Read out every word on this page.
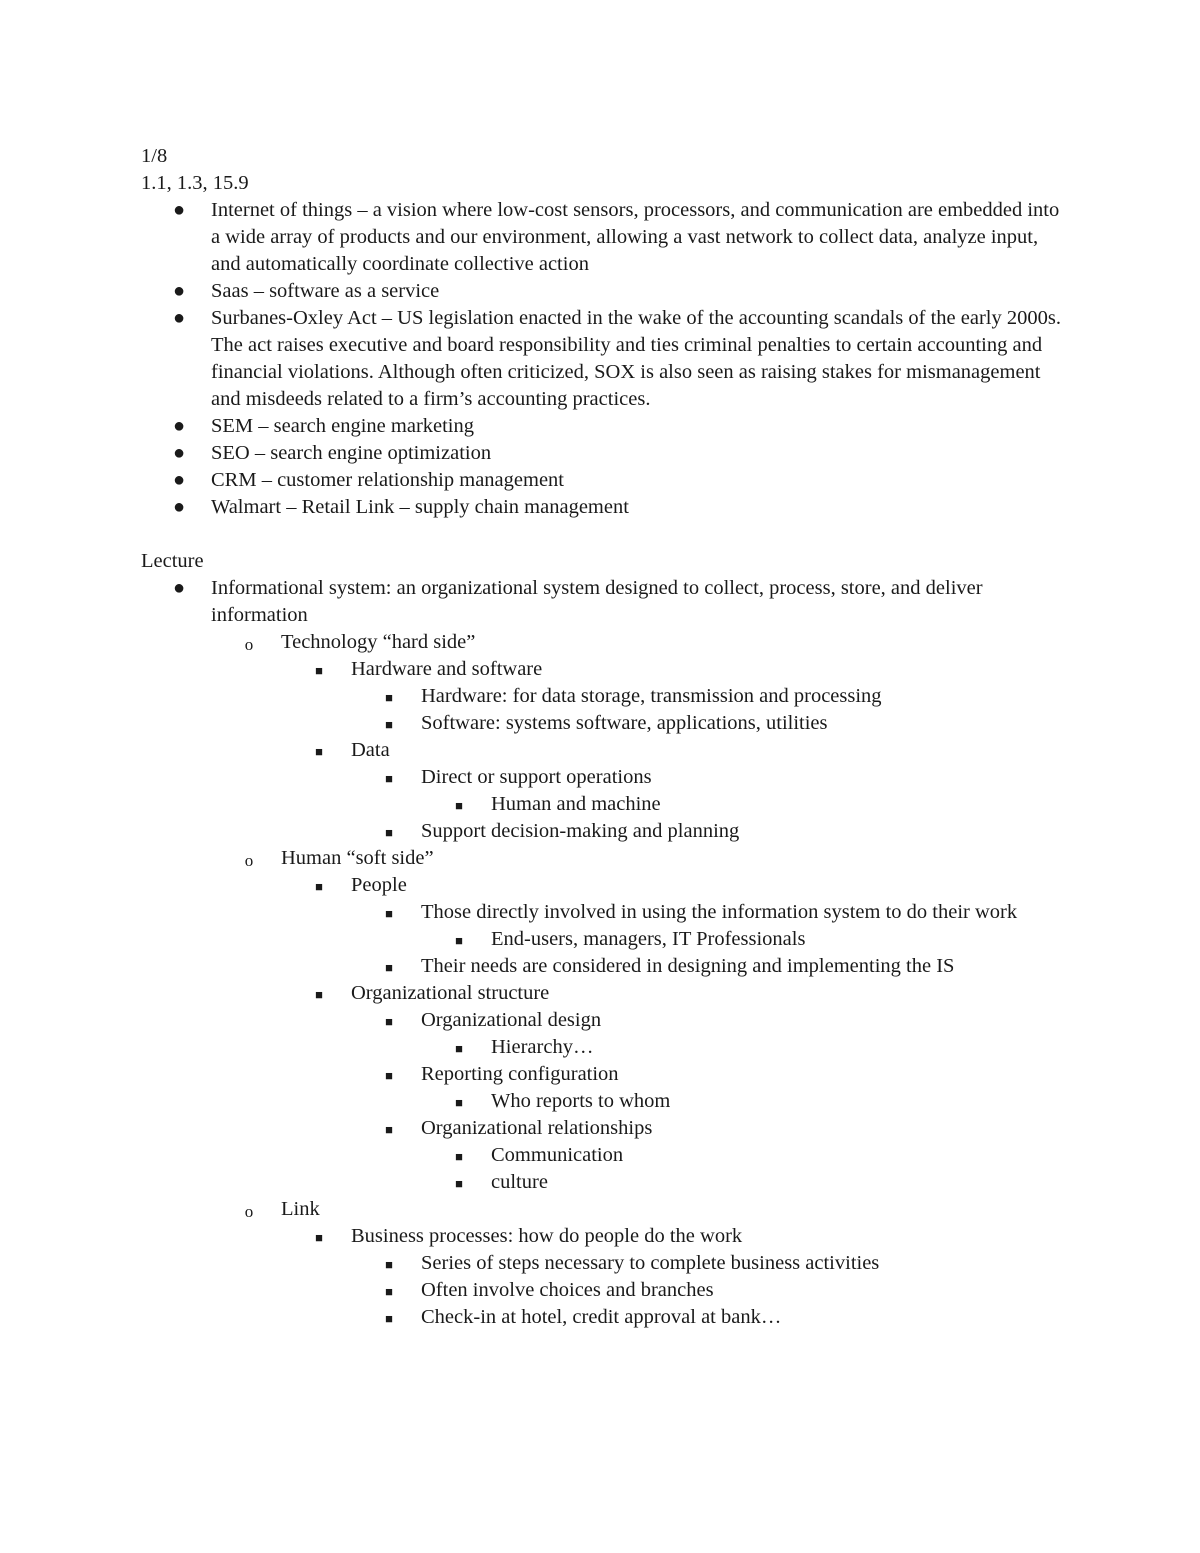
1/8

1.1, 1.3, 15.9

● Internet of things – a vision where low-cost sensors, processors, and communication are embedded into a wide array of products and our environment, allowing a vast network to collect data, analyze input, and automatically coordinate collective action
● Saas – software as a service
● Surbanes-Oxley Act – US legislation enacted in the wake of the accounting scandals of the early 2000s. The act raises executive and board responsibility and ties criminal penalties to certain accounting and financial violations. Although often criticized, SOX is also seen as raising stakes for mismanagement and misdeeds related to a firm’s accounting practices.
● SEM – search engine marketing
● SEO – search engine optimization
● CRM – customer relationship management
● Walmart – Retail Link – supply chain management

Lecture

● Informational system: an organizational system designed to collect, process, store, and deliver information
o Technology “hard side”
■ Hardware and software
■ Hardware: for data storage, transmission and processing
■ Software: systems software, applications, utilities
■ Data
■ Direct or support operations
■ Human and machine
■ Support decision-making and planning
o Human “soft side”
■ People
■ Those directly involved in using the information system to do their work
■ End-users, managers, IT Professionals
■ Their needs are considered in designing and implementing the IS
■ Organizational structure
■ Organizational design
■ Hierarchy…
■ Reporting configuration
■ Who reports to whom
■ Organizational relationships
■ Communication
■ culture
o Link
■ Business processes: how do people do the work
■ Series of steps necessary to complete business activities
■ Often involve choices and branches
■ Check-in at hotel, credit approval at bank…
